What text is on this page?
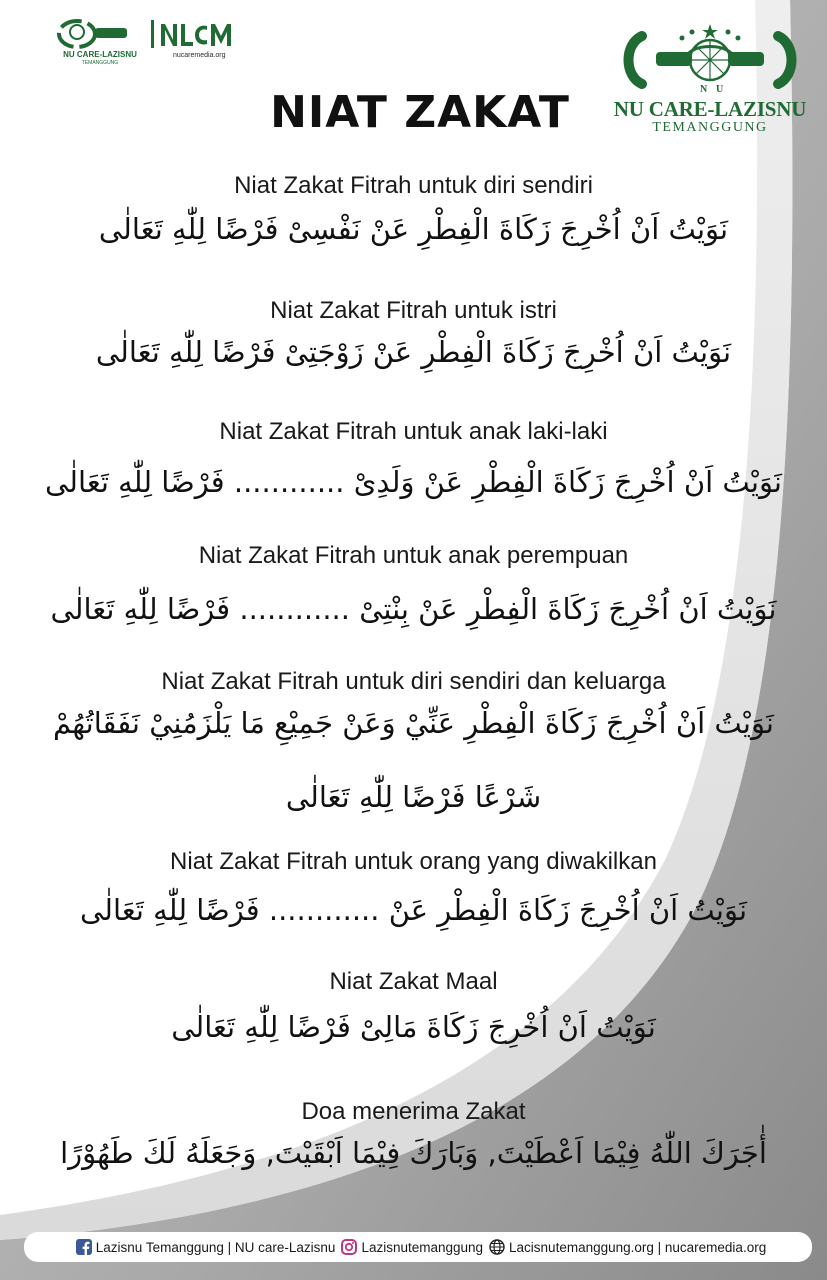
NU CARE-LAZISNU
TEMANGGUNG
nucaremedia.org
N U
NU CARE-LAZISNU
TEMANGGUNG
NIAT ZAKAT
Niat Zakat Fitrah untuk diri sendiri
نَوَيْتُ اَنْ اُخْرِجَ زَكَاةَ الْفِطْرِ عَنْ نَفْسِىْ فَرْضًا لِلّٰهِ تَعَالٰى
Niat Zakat Fitrah untuk istri
نَوَيْتُ اَنْ اُخْرِجَ زَكَاةَ الْفِطْرِ عَنْ زَوْجَتِىْ فَرْضًا لِلّٰهِ تَعَالٰى
Niat Zakat Fitrah untuk anak laki-laki
نَوَيْتُ اَنْ اُخْرِجَ زَكَاةَ الْفِطْرِ عَنْ وَلَدِىْ ............ فَرْضًا لِلّٰهِ تَعَالٰى
Niat Zakat Fitrah untuk anak perempuan
نَوَيْتُ اَنْ اُخْرِجَ زَكَاةَ الْفِطْرِ عَنْ بِنْتِىْ ............ فَرْضًا لِلّٰهِ تَعَالٰى
Niat Zakat Fitrah untuk diri sendiri dan keluarga
نَوَيْتُ اَنْ اُخْرِجَ زَكَاةَ الْفِطْرِ عَنِّيْ وَعَنْ جَمِيْعِ مَا يَلْزَمُنِيْ نَفَقَاتُهُمْ
شَرْعًا فَرْضًا لِلّٰهِ تَعَالٰى
Niat Zakat Fitrah untuk orang yang diwakilkan
نَوَيْتُ اَنْ اُخْرِجَ زَكَاةَ الْفِطْرِ عَنْ ............ فَرْضًا لِلّٰهِ تَعَالٰى
Niat Zakat Maal
نَوَيْتُ اَنْ اُخْرِجَ زَكَاةَ مَالِىْ فَرْضًا لِلّٰهِ تَعَالٰى
Doa menerima Zakat
أٰجَرَكَ اللّٰهُ فِيْمَا اَعْطَيْتَ, وَبَارَكَ فِيْمَا اَبْقَيْتَ, وَجَعَلَهُ لَكَ طَهُوْرًا
Lazisnu Temanggung | NU care-Lazisnu Lazisnutemanggung Lacisnutemanggung.org | nucaremedia.org
